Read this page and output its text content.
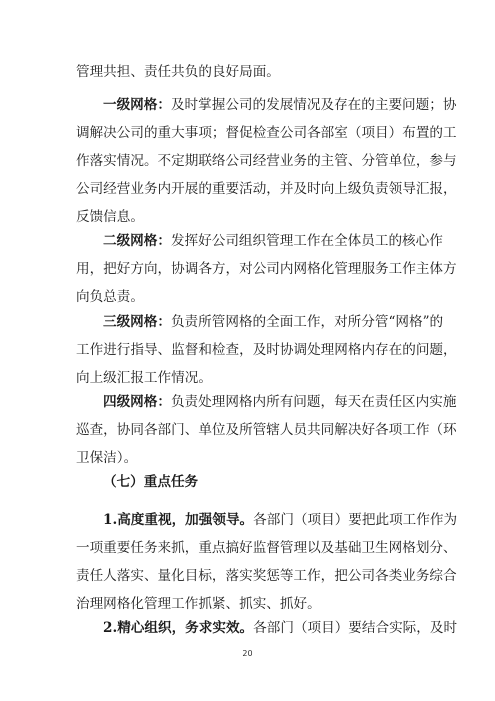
管理共担、责任共负的良好局面。
一级网格：及时掌握公司的发展情况及存在的主要问题；协
调解决公司的重大事项；督促检查公司各部室（项目）布置的工
作落实情况。不定期联络公司经营业务的主管、分管单位，参与
公司经营业务内开展的重要活动，并及时向上级负责领导汇报，
反馈信息。
二级网格：发挥好公司组织管理工作在全体员工的核心作
用，把好方向，协调各方，对公司内网格化管理服务工作主体方
向负总责。
三级网格：负责所管网格的全面工作，对所分管“网格”的
工作进行指导、监督和检查，及时协调处理网格内存在的问题，
向上级汇报工作情况。
四级网格：负责处理网格内所有问题，每天在责任区内实施
巡查，协同各部门、单位及所管辖人员共同解决好各项工作（环
卫保洁）。
（七）重点任务
1.高度重视，加强领导。各部门（项目）要把此项工作作为
一项重要任务来抓，重点搞好监督管理以及基础卫生网格划分、
责任人落实、量化目标，落实奖惩等工作，把公司各类业务综合
治理网格化管理工作抓紧、抓实、抓好。
2.精心组织，务求实效。各部门（项目）要结合实际，及时
20
